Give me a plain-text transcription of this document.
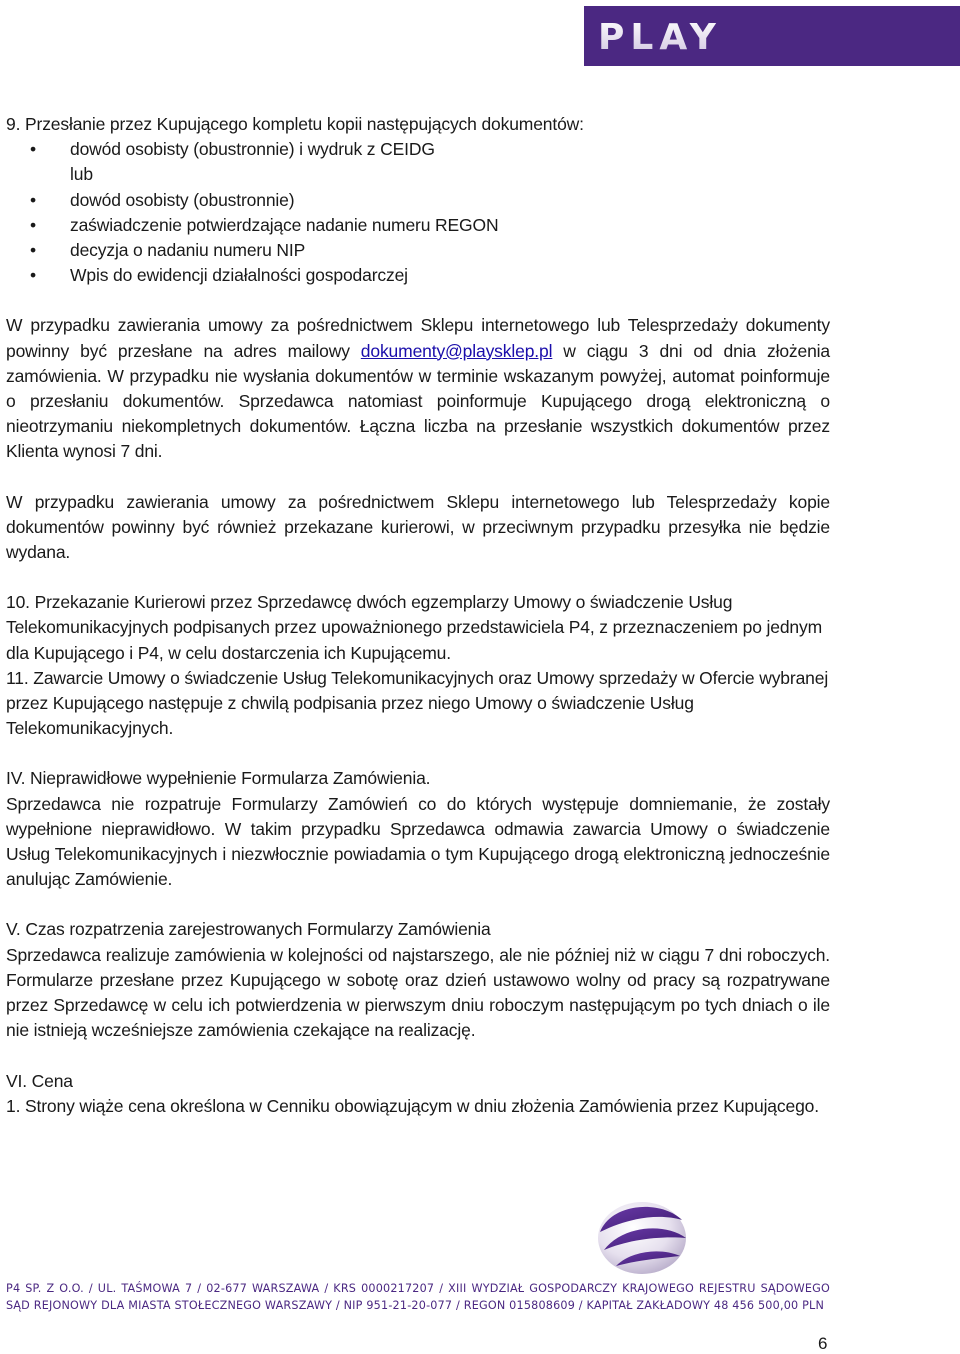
PLAY

9. Przesłanie przez Kupującego kompletu kopii następujących dokumentów:

• dowód osobisty (obustronnie) i wydruk z CEIDG
lub
• dowód osobisty (obustronnie)
• zaświadczenie potwierdzające nadanie numeru REGON
• decyzja o nadaniu numeru NIP
• Wpis do ewidencji działalności gospodarczej

W przypadku zawierania umowy za pośrednictwem Sklepu internetowego lub Telesprzedaży dokumenty powinny być przesłane na adres mailowy dokumenty@playsklep.pl w ciągu 3 dni od dnia złożenia zamówienia. W przypadku nie wysłania dokumentów w terminie wskazanym powyżej, automat poinformuje o przesłaniu dokumentów. Sprzedawca natomiast poinformuje Kupującego drogą elektroniczną o nieotrzymaniu niekompletnych dokumentów. Łączna liczba na przesłanie wszystkich dokumentów przez Klienta wynosi 7 dni.

W przypadku zawierania umowy za pośrednictwem Sklepu internetowego lub Telesprzedaży kopie dokumentów powinny być również przekazane kurierowi, w przeciwnym przypadku przesyłka nie będzie wydana.

10. Przekazanie Kurierowi przez Sprzedawcę dwóch egzemplarzy Umowy o świadczenie Usług Telekomunikacyjnych podpisanych przez upoważnionego przedstawiciela P4, z przeznaczeniem po jednym dla Kupującego i P4, w celu dostarczenia ich Kupującemu.

11. Zawarcie Umowy o świadczenie Usług Telekomunikacyjnych oraz Umowy sprzedaży w Ofercie wybranej przez Kupującego następuje z chwilą podpisania przez niego Umowy o świadczenie Usług Telekomunikacyjnych.

IV. Nieprawidłowe wypełnienie Formularza Zamówienia.

Sprzedawca nie rozpatruje Formularzy Zamówień co do których występuje domniemanie, że zostały wypełnione nieprawidłowo. W takim przypadku Sprzedawca odmawia zawarcia Umowy o świadczenie Usług Telekomunikacyjnych i niezwłocznie powiadamia o tym Kupującego drogą elektroniczną jednocześnie anulując Zamówienie.

V. Czas rozpatrzenia zarejestrowanych Formularzy Zamówienia

Sprzedawca realizuje zamówienia w kolejności od najstarszego, ale nie później niż w ciągu 7 dni roboczych. Formularze przesłane przez Kupującego w sobotę oraz dzień ustawowo wolny od pracy są rozpatrywane przez Sprzedawcę w celu ich potwierdzenia w pierwszym dniu roboczym następującym po tych dniach o ile nie istnieją wcześniejsze zamówienia czekające na realizację.

VI. Cena

1. Strony wiąże cena określona w Cenniku obowiązującym w dniu złożenia Zamówienia przez Kupującego.

P4 SP. Z O.O. / UL. TAŚMOWA 7 / 02-677 WARSZAWA / KRS 0000217207 / XIII WYDZIAŁ GOSPODARCZY KRAJOWEGO REJESTRU SĄDOWEGO SĄD REJONOWY DLA MIASTA STOŁECZNEGO WARSZAWY / NIP 951-21-20-077 / REGON 015808609 / KAPITAŁ ZAKŁADOWY 48 456 500,00 PLN
6
